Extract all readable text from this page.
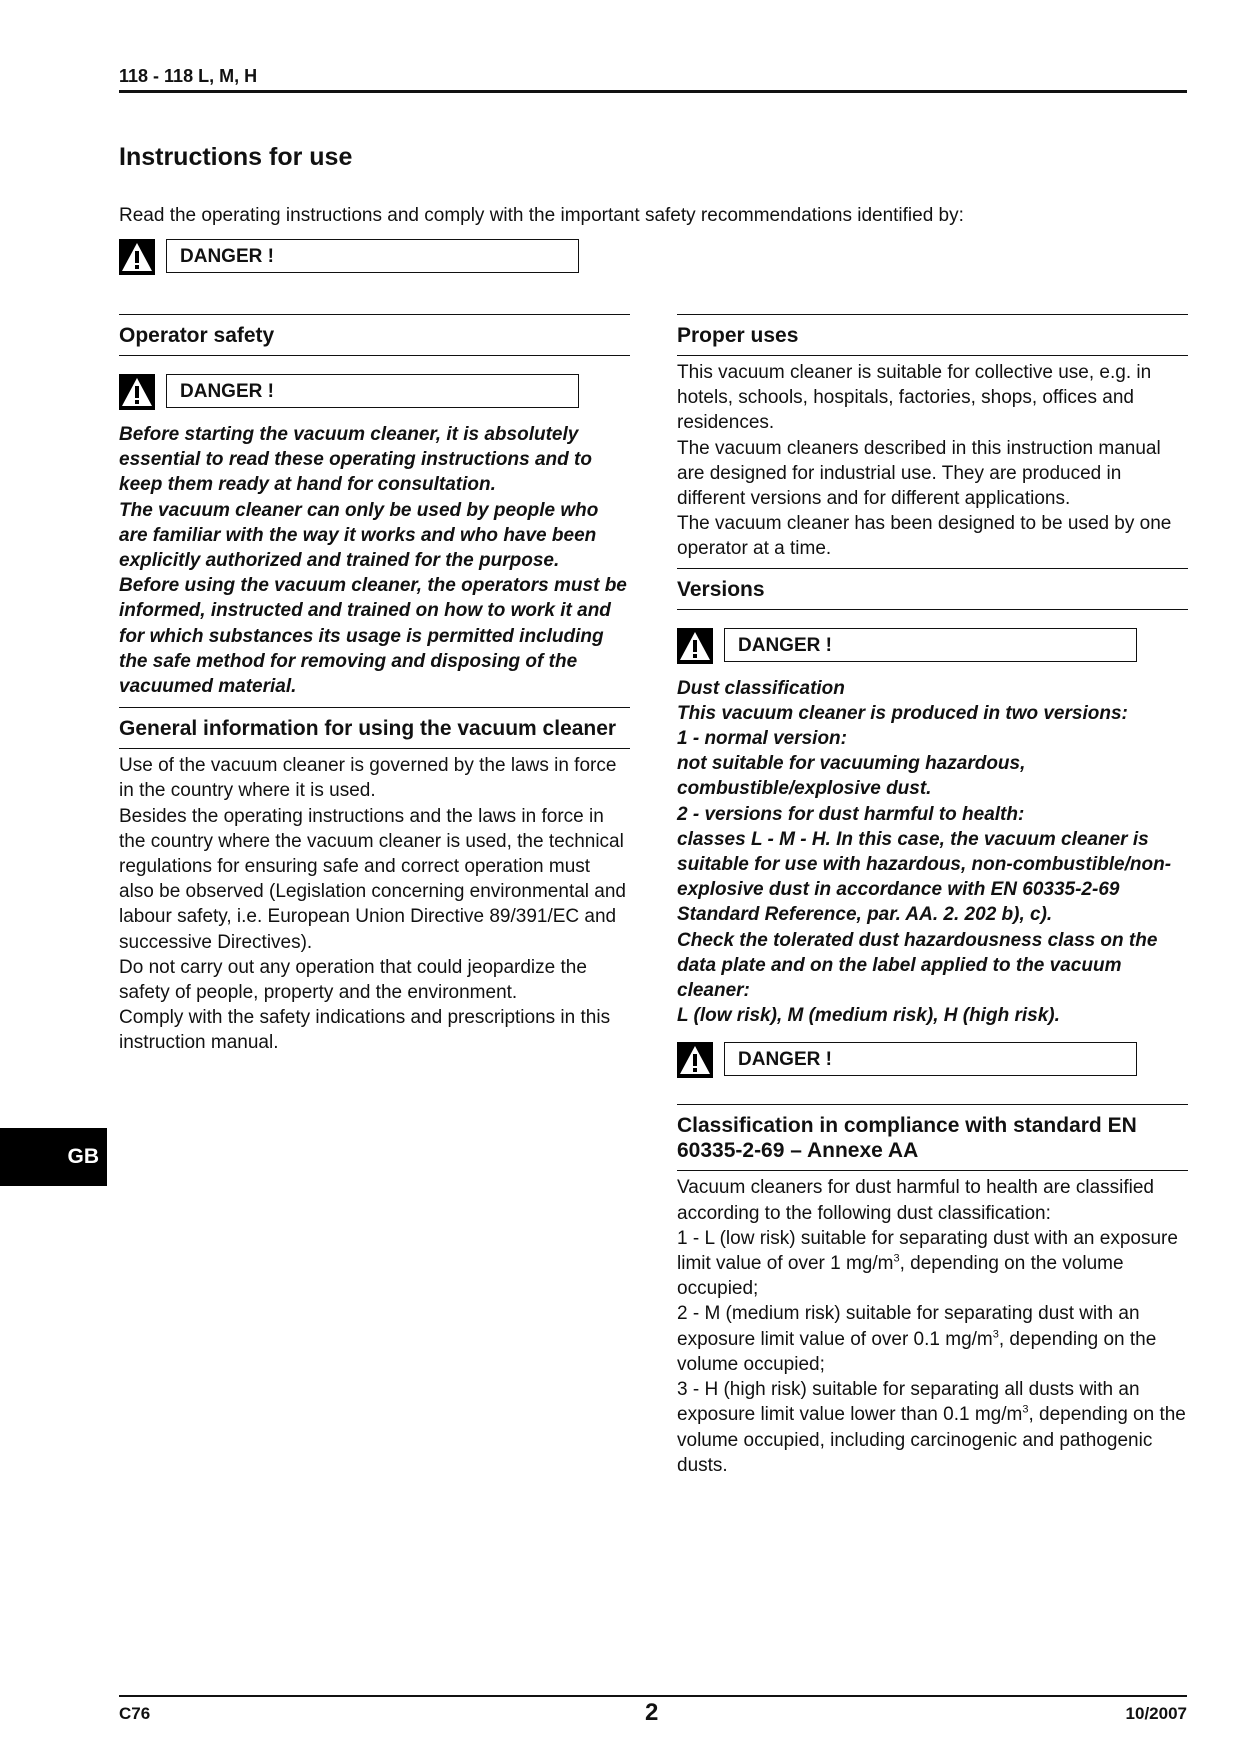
118 - 118 L, M, H
Instructions for use

Read the operating instructions and comply with the important safety recommendations identified by:

DANGER !
Operator safety
DANGER !

Before starting the vacuum cleaner, it is absolutely essential to read these operating instructions and to keep them ready at hand for consultation.

The vacuum cleaner can only be used by people who are familiar with the way it works and who have been explicitly authorized and trained for the purpose.

Before using the vacuum cleaner, the operators must be informed, instructed and trained on how to work it and for which substances its usage is permitted including the safe method for removing and disposing of the vacuumed material.

General information for using the vacuum cleaner

Use of the vacuum cleaner is governed by the laws in force in the country where it is used.

Besides the operating instructions and the laws in force in the country where the vacuum cleaner is used, the technical regulations for ensuring safe and correct operation must also be observed (Legislation concerning environmental and labour safety, i.e. European Union Directive 89/391/EC and successive Directives).

Do not carry out any operation that could jeopardize the safety of people, property and the environment.

Comply with the safety indications and prescriptions in this instruction manual.

Proper uses

This vacuum cleaner is suitable for collective use, e.g. in hotels, schools, hospitals, factories, shops, offices and residences.

The vacuum cleaners described in this instruction manual are designed for industrial use. They are produced in different versions and for different applications.

The vacuum cleaner has been designed to be used by one operator at a time.

Versions
DANGER !

Dust classification

This vacuum cleaner is produced in two versions:

1 - normal version:

not suitable for vacuuming hazardous, combustible/explosive dust.

2 - versions for dust harmful to health:

classes L - M - H. In this case, the vacuum cleaner is suitable for use with hazardous, non-combustible/non-explosive dust in accordance with EN 60335-2-69 Standard Reference, par. AA. 2. 202 b), c).

Check the tolerated dust hazardousness class on the data plate and on the label applied to the vacuum cleaner:

L (low risk), M (medium risk), H (high risk).

DANGER !
Classification in compliance with standard EN 60335-2-69 – Annexe AA

Vacuum cleaners for dust harmful to health are classified according to the following dust classification:

1 - L (low risk) suitable for separating dust with an exposure limit value of over 1 $mg/m^3$, depending on the volume occupied;

2 - M (medium risk) suitable for separating dust with an exposure limit value of over 0.1 $mg/m^3$, depending on the volume occupied;

3 - H (high risk) suitable for separating all dusts with an exposure limit value lower than 0.1 $mg/m^3$, depending on the volume occupied, including carcinogenic and pathogenic dusts.

GB
C76	2	10/2007
